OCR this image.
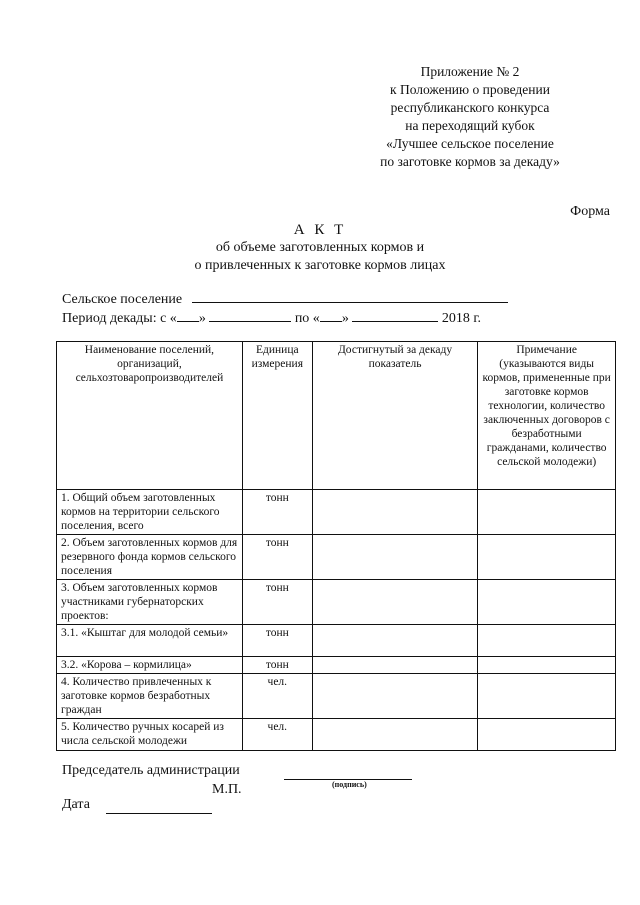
Приложение № 2
к Положению о проведении
республиканского конкурса
на переходящий кубок
«Лучшее сельское поселение
по заготовке кормов за декаду»
Форма
А К Т
об объеме заготовленных кормов и
о привлеченных к заготовке кормов лицах
Сельское поселение
Период декады: с « »	по « »	2018 г.
Наименование поселений, организаций, сельхозтоваропроизводителей	Единица измерения	Достигнутый за декаду показатель	Примечание (указываются виды кормов, примененные при заготовке кормов технологии, количество заключенных договоров с безработными гражданами, количество сельской молодежи)
1. Общий объем заготовленных кормов на территории сельского поселения, всего	тонн		
2. Объем заготовленных кормов для резервного фонда кормов сельского поселения	тонн		
3. Объем заготовленных кормов участниками губернаторских проектов:	тонн		
3.1. «Кыштаг для молодой семьи»	тонн		
3.2. «Корова – кормилица»	тонн		
4. Количество привлеченных к заготовке кормов безработных граждан	чел.		
5. Количество ручных косарей из числа сельской молодежи	чел.		
Председатель администрации
(подпись)
М.П.
Дата
